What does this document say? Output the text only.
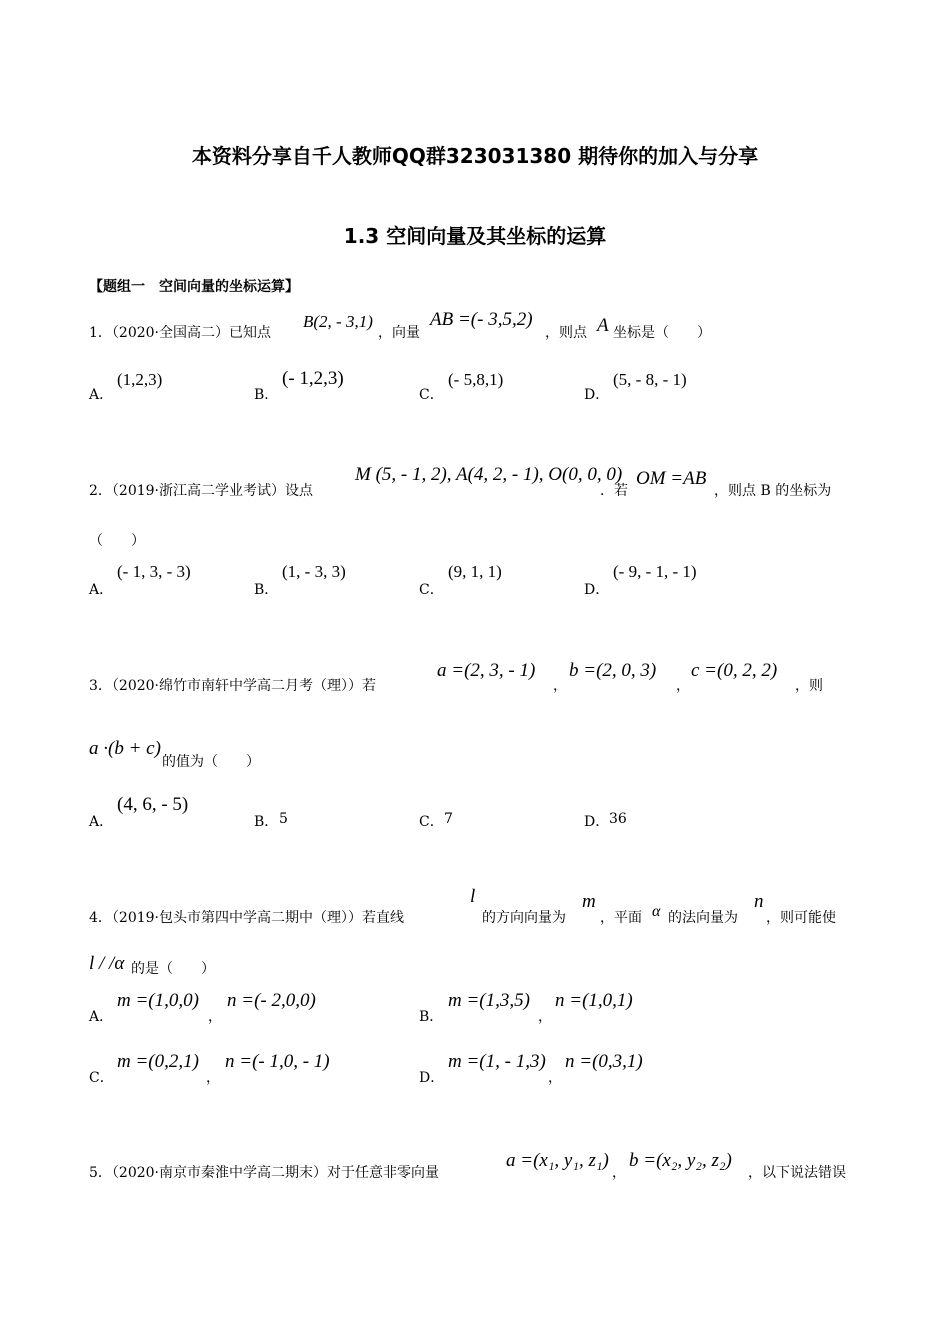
本资料分享自千人教师QQ群323031380 期待你的加入与分享
1.3 空间向量及其坐标的运算
【题组一　空间向量的坐标运算】
1．（2020·全国高二）已知点
B(2, - 3,1)
，向量
AB =(- 3,5,2)
，则点 A 坐标是（　　）
A．
(1,2,3)
B．
(- 1,2,3)
C．
(- 5,8,1)
D．
(5, - 8, - 1)
2．（2019·浙江高二学业考试）设点
M (5, - 1, 2), A(4, 2, - 1), O(0, 0, 0)
．若
OM =AB
，则点 B 的坐标为
（　　）
A．
(- 1, 3, - 3)
B．
(1, - 3, 3)
C．
(9, 1, 1)
D．
(- 9, - 1, - 1)
3．（2020·绵竹市南轩中学高二月考（理））若
a =(2, 3, - 1)
，
b =(2, 0, 3)
，
c =(0, 2, 2)
，则
a ·(b + c)
的值为（　　）
A．
(4, 6, - 5)
B． 5	C． 7	D． 36
4．（2019·包头市第四中学高二期中（理））若直线
l
的方向向量为
m
，平面 α 的法向量为
n
，则可能使
l / /α 的是（　　）
A．
m =(1,0,0)
，
n =(- 2,0,0)
B．
m =(1,3,5)
，
n =(1,0,1)
C．
m =(0,2,1)
，
n =(- 1,0, - 1)
D．
m =(1, - 1,3)
，
n =(0,3,1)
5．（2020·南京市秦淮中学高二期末）对于任意非零向量
a =(x₁, y₁, z₁)
，
b =(x₂, y₂, z₂)
，以下说法错误
